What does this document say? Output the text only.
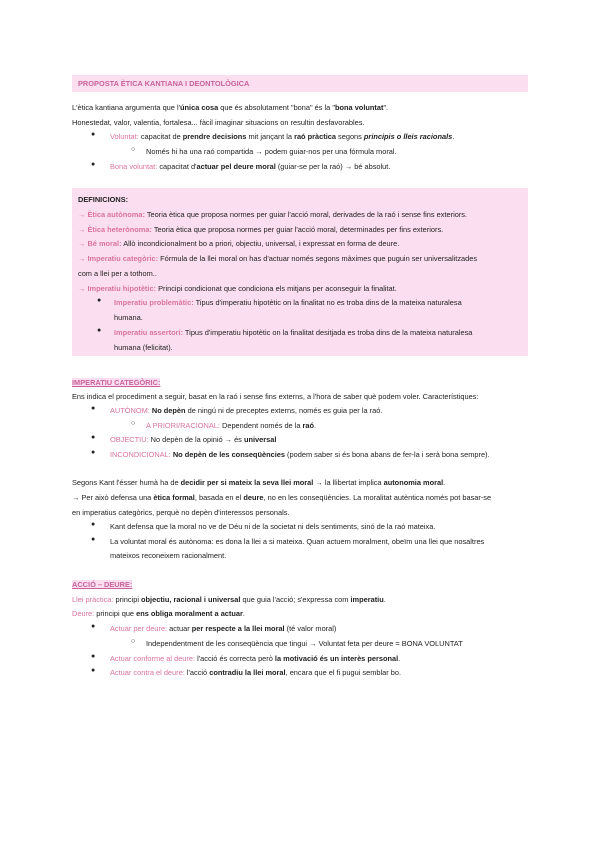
PROPOSTA ÈTICA KANTIANA I DEONTOLÒGICA
L'ètica kantiana argumenta que l'única cosa que és absolutament "bona" és la "bona voluntat".
Honestedat, valor, valentia, fortalesa... fàcil imaginar situacions on resultin desfavorables.
● Voluntat: capacitat de prendre decisions mit jançant la raó pràctica segons principis o lleis racionals.
○ Només hi ha una raó compartida → podem guiar-nos per una fórmula moral.
● Bona voluntat: capacitat d'actuar pel deure moral (guiar-se per la raó) → bé absolut.
DEFINICIONS:
→ Ètica autònoma: Teoria ètica que proposa normes per guiar l'acció moral, derivades de la raó i sense fins exteriors.
→ Ètica heterònoma: Teoria ètica que proposa normes per guiar l'acció moral, determinades per fins exteriors.
→ Bé moral: Allò incondicionalment bo a priori, objectiu, universal, i expressat en forma de deure.
→ Imperatiu categòric: Fórmula de la llei moral on has d'actuar només segons màximes que puguin ser universalitzades
com a llei per a tothom..
→ Imperatiu hipotètic: Principi condicionat que condiciona els mitjans per aconseguir la finalitat.
● Imperatiu problemàtic: Tipus d'imperatiu hipotètic on la finalitat no es troba dins de la mateixa naturalesa
humana.
● Imperatiu assertori: Tipus d'imperatiu hipotètic on la finalitat desitjada es troba dins de la mateixa naturalesa
humana (felicitat).
IMPERATIU CATEGÒRIC:
Ens indica el procediment a seguir, basat en la raó i sense fins externs, a l'hora de saber què podem voler. Característiques:
● AUTÒNOM: No depèn de ningú ni de preceptes externs, només es guia per la raó.
○ A PRIORI/RACIONAL: Dependent només de la raó.
● OBJECTIU: No depèn de la opinió → és universal
● INCONDICIONAL: No depèn de les conseqüències (podem saber si és bona abans de fer-la i serà bona sempre).
Segons Kant l'ésser humà ha de decidir per si mateix la seva llei moral → la llibertat implica autonomia moral.
→ Per això defensa una ètica formal, basada en el deure, no en les conseqüències. La moralitat autèntica només pot basar-se
en imperatius categòrics, perquè no depèn d'interessos personals.
● Kant defensa que la moral no ve de Déu ni de la societat ni dels sentiments, sinó de la raó mateixa.
● La voluntat moral és autònoma: es dona la llei a si mateixa. Quan actuem moralment, obeïm una llei que nosaltres
mateixos reconeixem racionalment.
ACCIÓ – DEURE:
Llei pràctica: principi objectiu, racional i universal que guia l'acció; s'expressa com imperatiu.
Deure: principi que ens obliga moralment a actuar.
● Actuar per deure: actuar per respecte a la llei moral (té valor moral)
○ Independentment de les conseqüència que tingui → Voluntat feta per deure = BONA VOLUNTAT
● Actuar conforme al deure: l'acció és correcta però la motivació és un interès personal.
● Actuar contra el deure: l'acció contradiu la llei moral, encara que el fi pugui semblar bo.
